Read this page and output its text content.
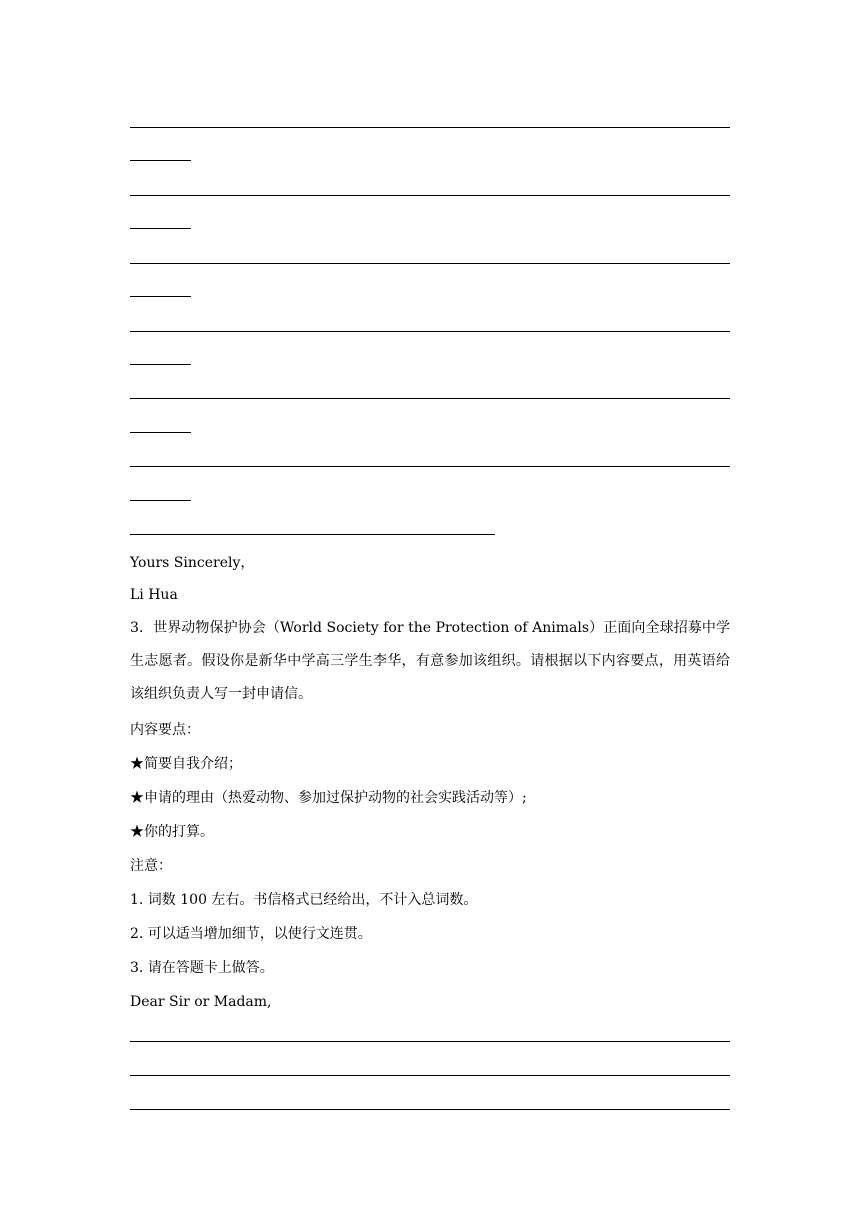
Yours Sincerely，
Li Hua
3．世界动物保护协会（World Society for the Protection of Animals）正面向全球招募中学生志愿者。假设你是新华中学高三学生李华，有意参加该组织。请根据以下内容要点，用英语给该组织负责人写一封申请信。
内容要点：
★简要自我介绍；
★申请的理由（热爱动物、参加过保护动物的社会实践活动等）;
★你的打算。
注意：
1. 词数 100 左右。书信格式已经给出，不计入总词数。
2. 可以适当增加细节，以使行文连贯。
3. 请在答题卡上做答。
Dear Sir or Madam,
